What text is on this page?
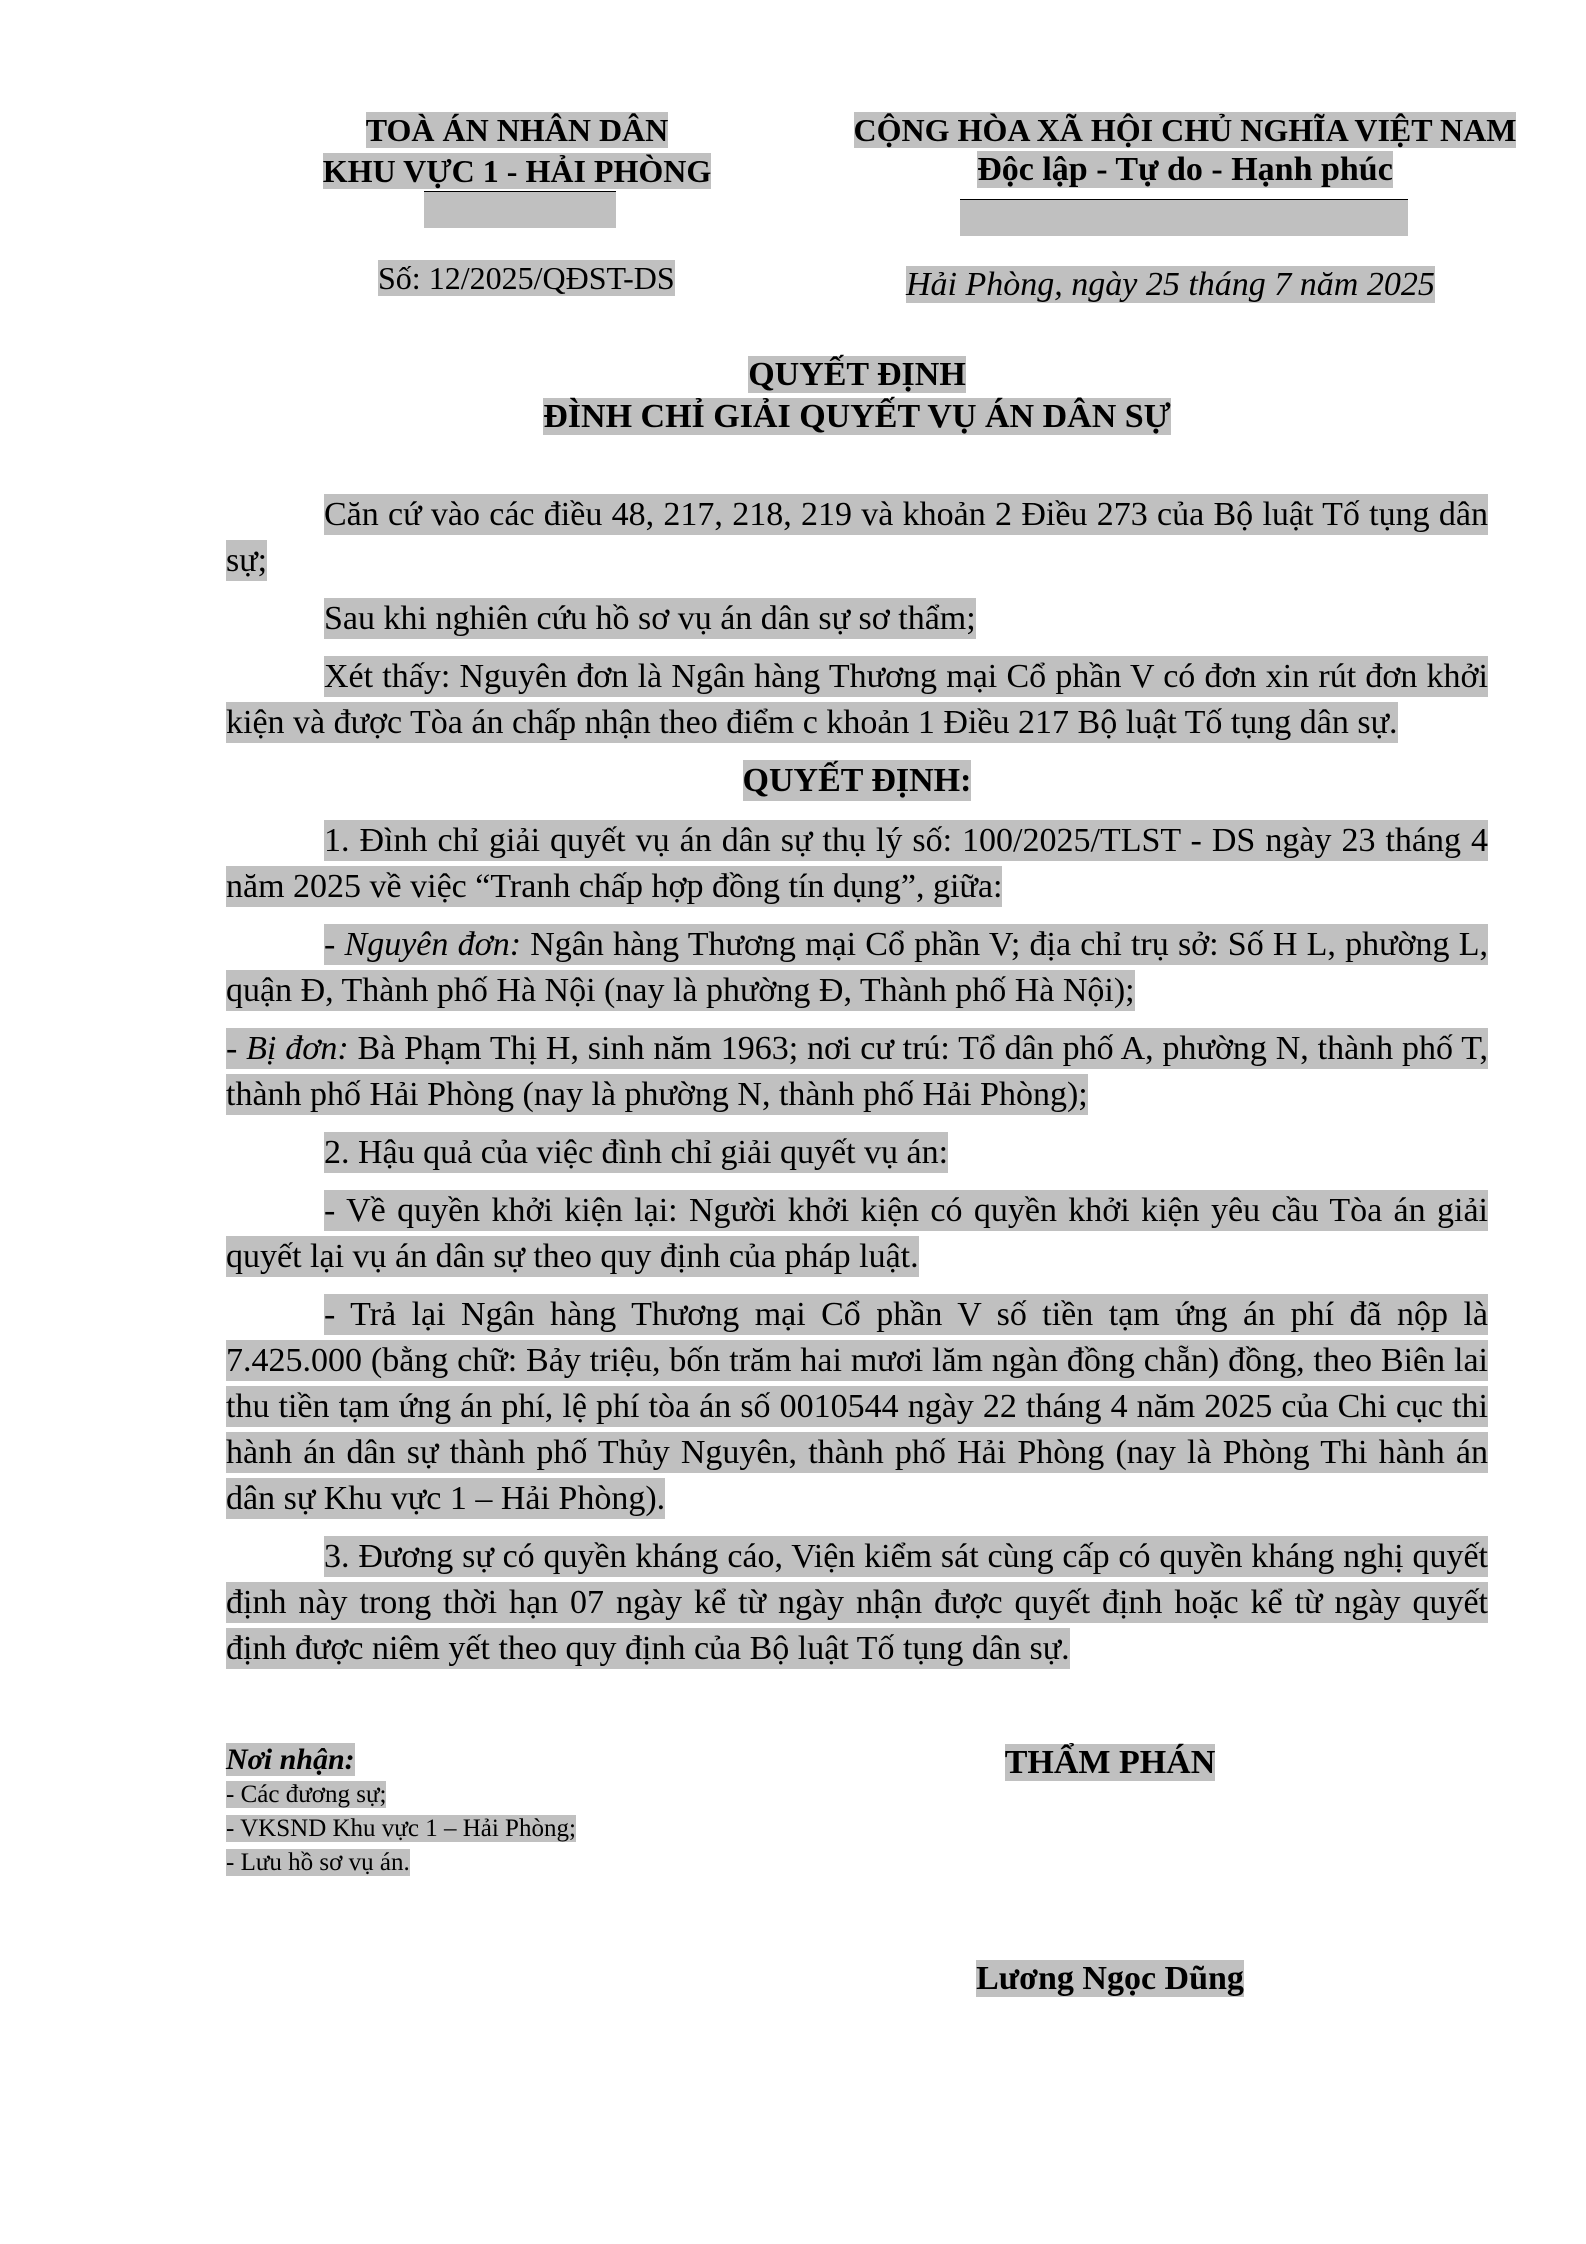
TOÀ ÁN NHÂN DÂN
KHU VỰC 1 - HẢI PHÒNG
Số: 12/2025/QĐST-DS
CỘNG HÒA XÃ HỘI CHỦ NGHĨA VIỆT NAM
Độc lập - Tự do - Hạnh phúc
Hải Phòng, ngày 25 tháng 7 năm 2025
QUYẾT ĐỊNH
ĐÌNH CHỈ GIẢI QUYẾT VỤ ÁN DÂN SỰ

Căn cứ vào các điều 48, 217, 218, 219 và khoản 2 Điều 273 của Bộ luật Tố tụng dân sự;

Sau khi nghiên cứu hồ sơ vụ án dân sự sơ thẩm;

Xét thấy: Nguyên đơn là Ngân hàng Thương mại Cổ phần V có đơn xin rút đơn khởi kiện và được Tòa án chấp nhận theo điểm c khoản 1 Điều 217 Bộ luật Tố tụng dân sự.

QUYẾT ĐỊNH:

1. Đình chỉ giải quyết vụ án dân sự thụ lý số: 100/2025/TLST - DS ngày 23 tháng 4 năm 2025 về việc “Tranh chấp hợp đồng tín dụng”, giữa:

- Nguyên đơn: Ngân hàng Thương mại Cổ phần V; địa chỉ trụ sở: Số H L, phường L, quận Đ, Thành phố Hà Nội (nay là phường Đ, Thành phố Hà Nội);

- Bị đơn: Bà Phạm Thị H, sinh năm 1963; nơi cư trú: Tổ dân phố A, phường N, thành phố T, thành phố Hải Phòng (nay là phường N, thành phố Hải Phòng);

2. Hậu quả của việc đình chỉ giải quyết vụ án:

- Về quyền khởi kiện lại: Người khởi kiện có quyền khởi kiện yêu cầu Tòa án giải quyết lại vụ án dân sự theo quy định của pháp luật.

- Trả lại Ngân hàng Thương mại Cổ phần V số tiền tạm ứng án phí đã nộp là 7.425.000 (bằng chữ: Bảy triệu, bốn trăm hai mươi lăm ngàn đồng chẵn) đồng, theo Biên lai thu tiền tạm ứng án phí, lệ phí tòa án số 0010544 ngày 22 tháng 4 năm 2025 của Chi cục thi hành án dân sự thành phố Thủy Nguyên, thành phố Hải Phòng (nay là Phòng Thi hành án dân sự Khu vực 1 – Hải Phòng).

3. Đương sự có quyền kháng cáo, Viện kiểm sát cùng cấp có quyền kháng nghị quyết định này trong thời hạn 07 ngày kể từ ngày nhận được quyết định hoặc kể từ ngày quyết định được niêm yết theo quy định của Bộ luật Tố tụng dân sự.

Nơi nhận:
- Các đương sự;
- VKSND Khu vực 1 – Hải Phòng;
- Lưu hồ sơ vụ án.
THẨM PHÁN
Lương Ngọc Dũng
